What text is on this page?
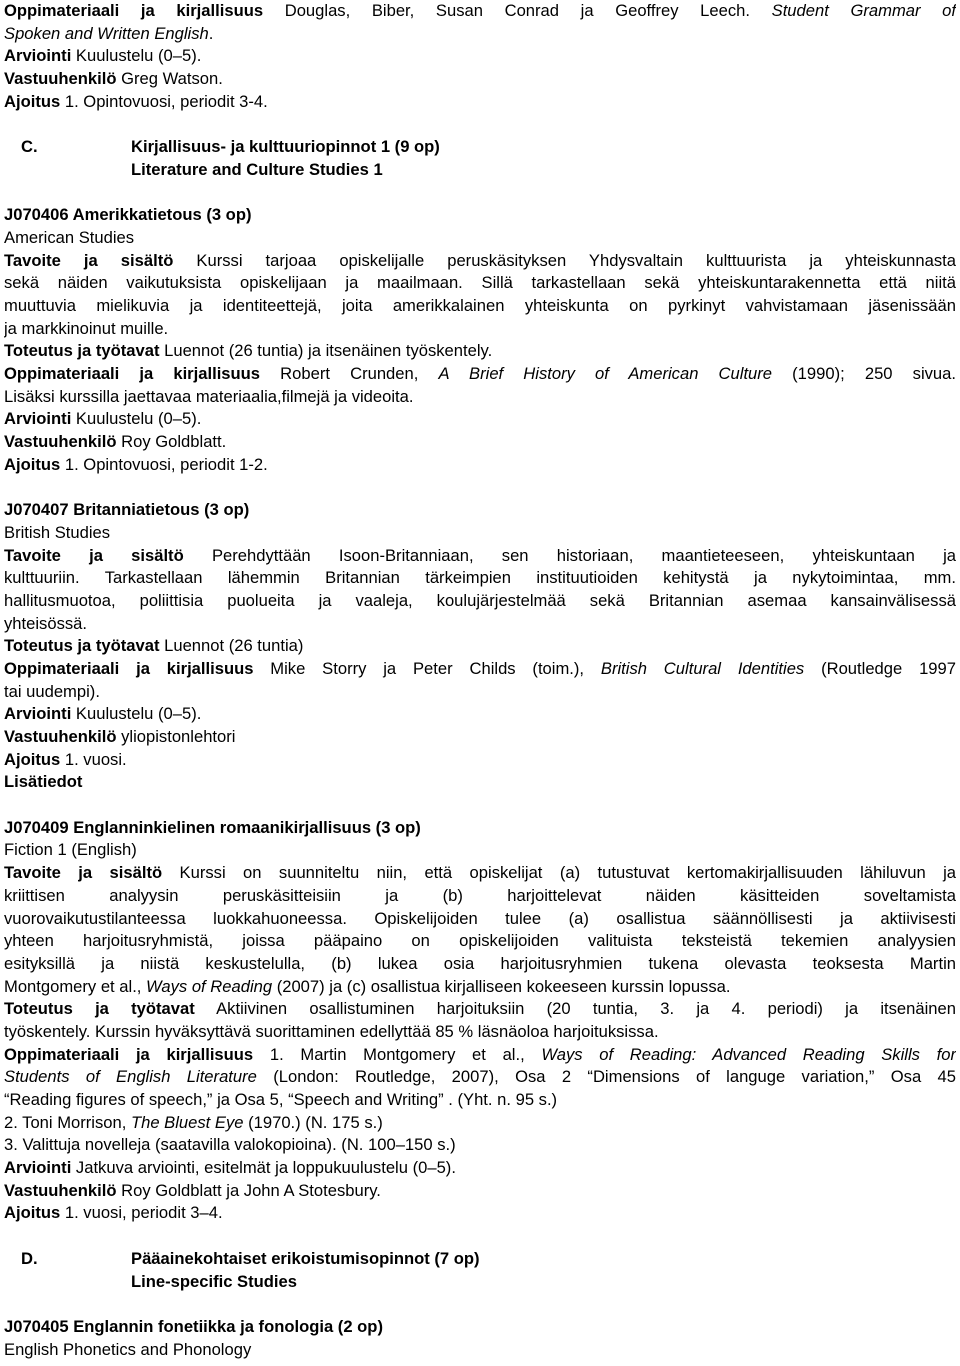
Oppimateriaali ja kirjallisuus Douglas, Biber, Susan Conrad ja Geoffrey Leech. Student Grammar of
Spoken and Written English.
Arviointi Kuulustelu (0–5).
Vastuuhenkilö Greg Watson.
Ajoitus 1. Opintovuosi, periodit 3-4.
C.	Kirjallisuus- ja kulttuuriopinnot 1 (9 op)
Literature and Culture Studies 1
J070406 Amerikkatietous (3 op)
American Studies
Tavoite ja sisältö Kurssi tarjoaa opiskelijalle peruskäsityksen Yhdysvaltain kulttuurista ja yhteiskunnasta
sekä näiden vaikutuksista opiskelijaan ja maailmaan. Sillä tarkastellaan sekä yhteiskuntarakennetta että niitä
muuttuvia mielikuvia ja identiteettejä, joita amerikkalainen yhteiskunta on pyrkinyt vahvistamaan jäsenissään
ja markkinoinut muille.
Toteutus ja työtavat Luennot (26 tuntia) ja itsenäinen työskentely.
Oppimateriaali ja kirjallisuus Robert Crunden, A Brief History of American Culture (1990); 250 sivua.
Lisäksi kurssilla jaettavaa materiaalia,filmejä ja videoita.
Arviointi Kuulustelu (0–5).
Vastuuhenkilö Roy Goldblatt.
Ajoitus 1. Opintovuosi, periodit 1-2.
J070407 Britanniatietous (3 op)
British Studies
Tavoite ja sisältö Perehdyttään Isoon-Britanniaan, sen historiaan, maantieteeseen, yhteiskuntaan ja
kulttuuriin. Tarkastellaan lähemmin Britannian tärkeimpien instituutioiden kehitystä ja nykytoimintaa, mm.
hallitusmuotoa, poliittisia puolueita ja vaaleja, koulujärjestelmää sekä Britannian asemaa kansainvälisessä
yhteisössä.
Toteutus ja työtavat Luennot (26 tuntia)
Oppimateriaali ja kirjallisuus Mike Storry ja Peter Childs (toim.), British Cultural Identities (Routledge 1997
tai uudempi).
Arviointi Kuulustelu (0–5).
Vastuuhenkilö yliopistonlehtori
Ajoitus 1. vuosi.
Lisätiedot
J070409 Englanninkielinen romaanikirjallisuus (3 op)
Fiction 1 (English)
Tavoite ja sisältö Kurssi on suunniteltu niin, että opiskelijat (a) tutustuvat kertomakirjallisuuden lähiluvun ja
kriittisen analyysin peruskäsitteisiin ja (b) harjoittelevat näiden käsitteiden soveltamista
vuorovaikutustilanteessa luokkahuoneessa. Opiskelijoiden tulee (a) osallistua säännöllisesti ja aktiivisesti
yhteen harjoitusryhmistä, joissa pääpaino on opiskelijoiden valituista teksteistä tekemien analyysien
esityksillä ja niistä keskustelulla, (b) lukea osia harjoitusryhmien tukena olevasta teoksesta Martin
Montgomery et al., Ways of Reading (2007) ja (c) osallistua kirjalliseen kokeeseen kurssin lopussa.
Toteutus ja työtavat Aktiivinen osallistuminen harjoituksiin (20 tuntia, 3. ja 4. periodi) ja itsenäinen
työskentely. Kurssin hyväksyttävä suorittaminen edellyttää 85 % läsnäoloa harjoituksissa.
Oppimateriaali ja kirjallisuus 1. Martin Montgomery et al., Ways of Reading: Advanced Reading Skills for
Students of English Literature (London: Routledge, 2007), Osa 2 “Dimensions of languge variation,” Osa 45
“Reading figures of speech,” ja Osa 5, “Speech and Writing” . (Yht. n. 95 s.)
2. Toni Morrison, The Bluest Eye (1970.) (N. 175 s.)
3. Valittuja novelleja (saatavilla valokopioina). (N. 100–150 s.)
Arviointi Jatkuva arviointi, esitelmät ja loppukuulustelu (0–5).
Vastuuhenkilö Roy Goldblatt ja John A Stotesbury.
Ajoitus 1. vuosi, periodit 3–4.
D.	Pääainekohtaiset erikoistumisopinnot (7 op)
Line-specific Studies
J070405 Englannin fonetiikka ja fonologia (2 op)
English Phonetics and Phonology
